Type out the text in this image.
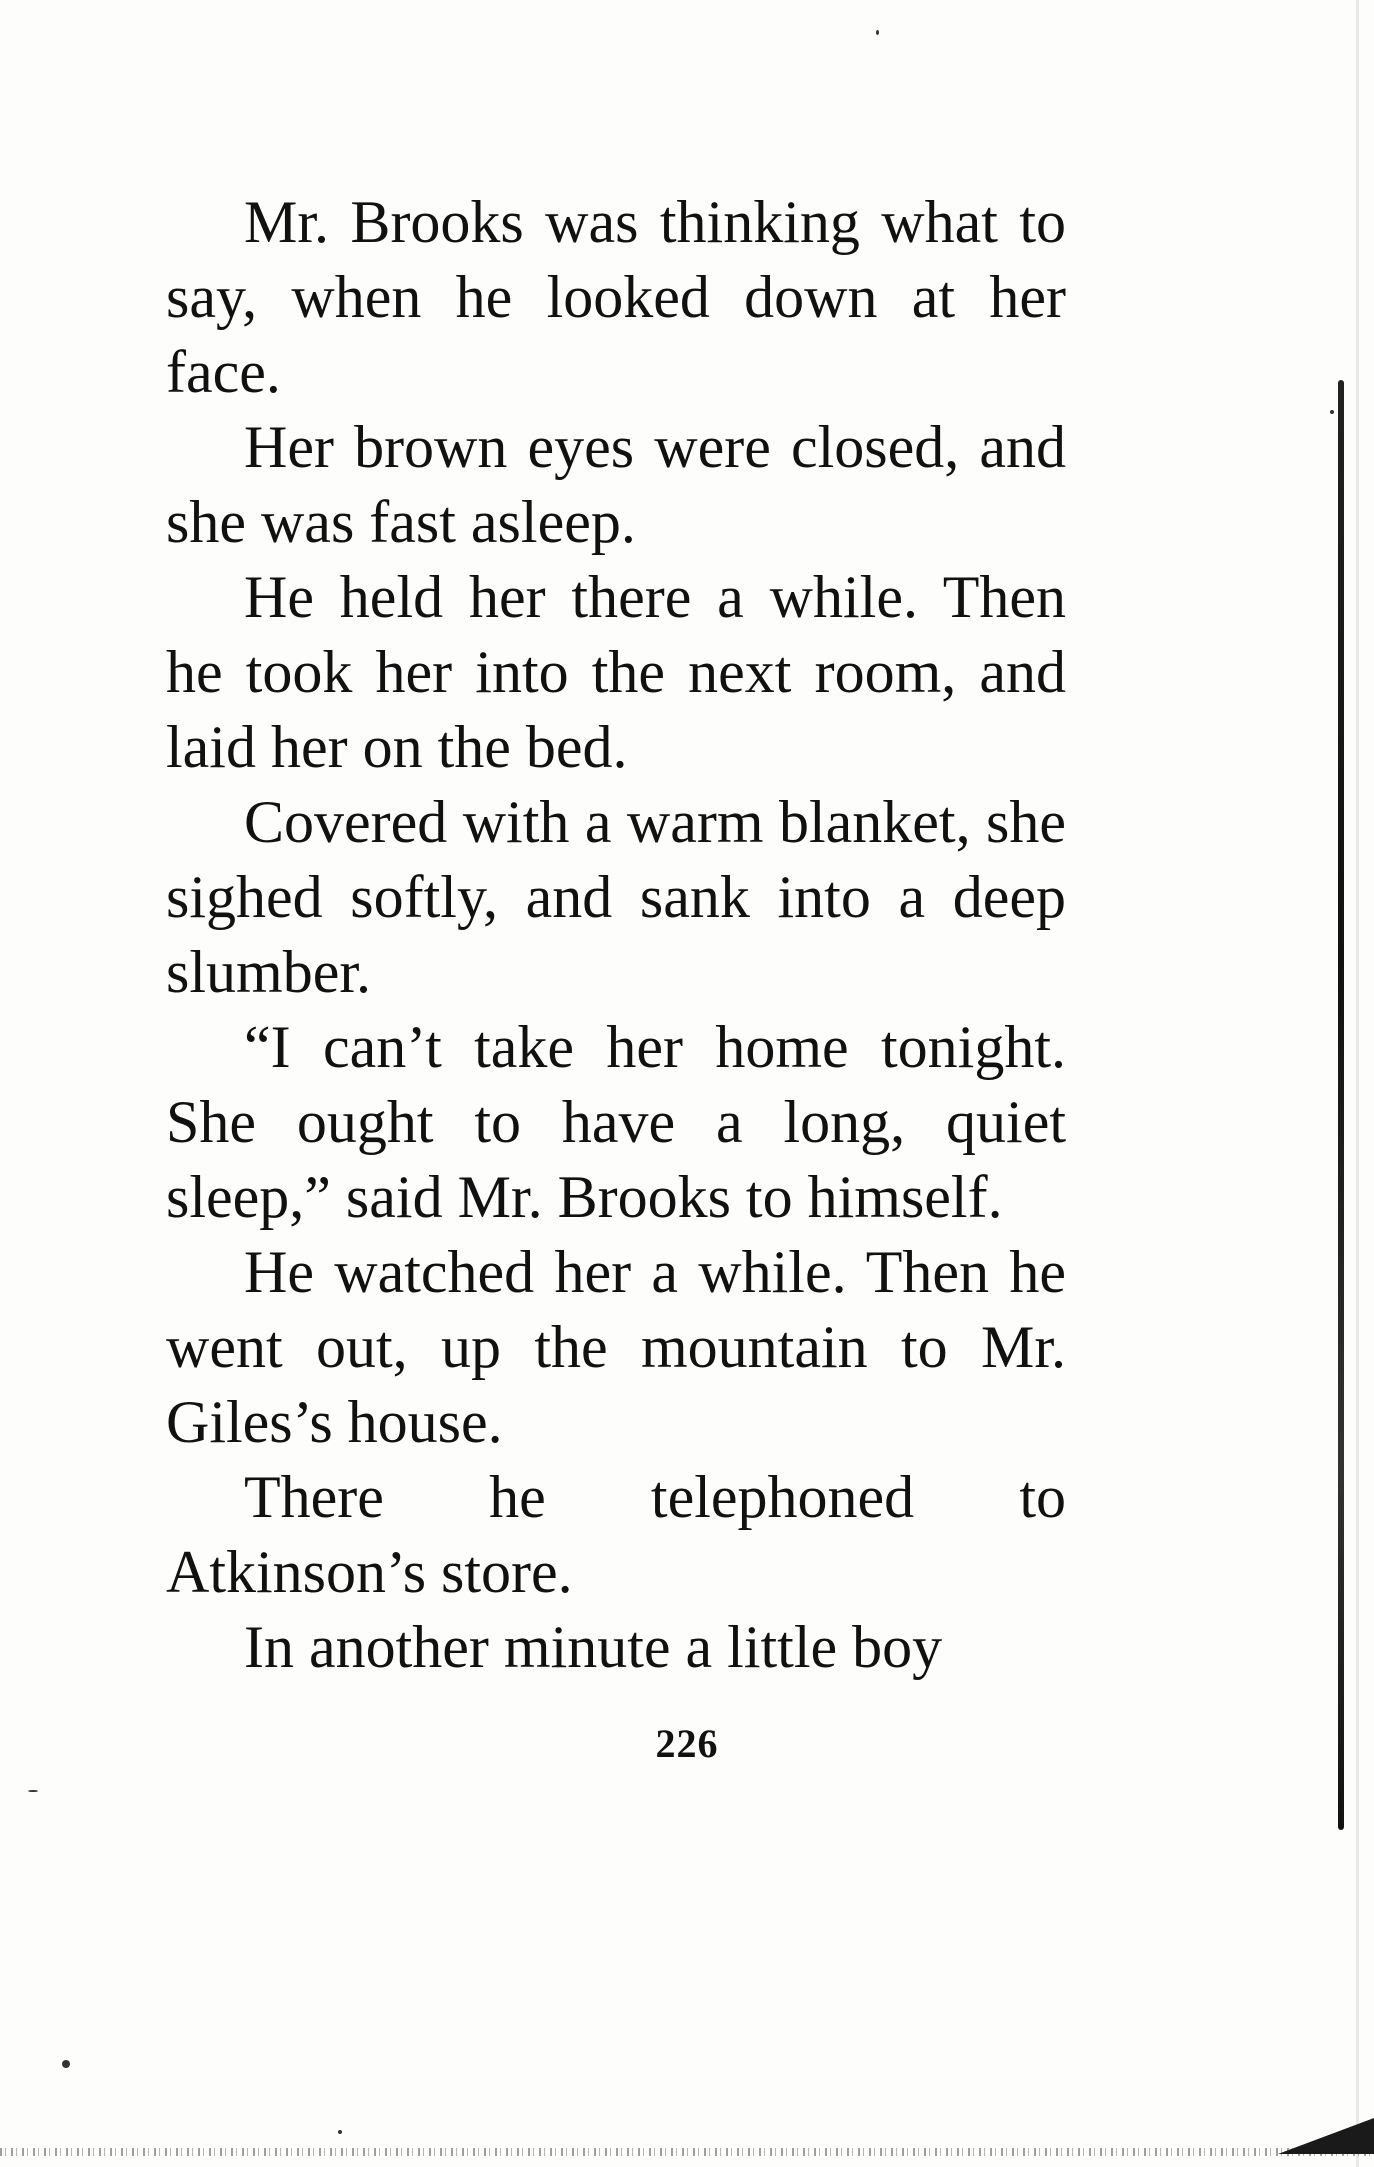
Mr. Brooks was thinking what to say, when he looked down at her face.

Her brown eyes were closed, and she was fast asleep.

He held her there a while. Then he took her into the next room, and laid her on the bed.

Covered with a warm blanket, she sighed softly, and sank into a deep slumber.

“I can’t take her home tonight. She ought to have a long, quiet sleep,” said Mr. Brooks to himself.

He watched her a while. Then he went out, up the mountain to Mr. Giles’s house.

There he telephoned to Atkinson’s store.

In another minute a little boy

226
